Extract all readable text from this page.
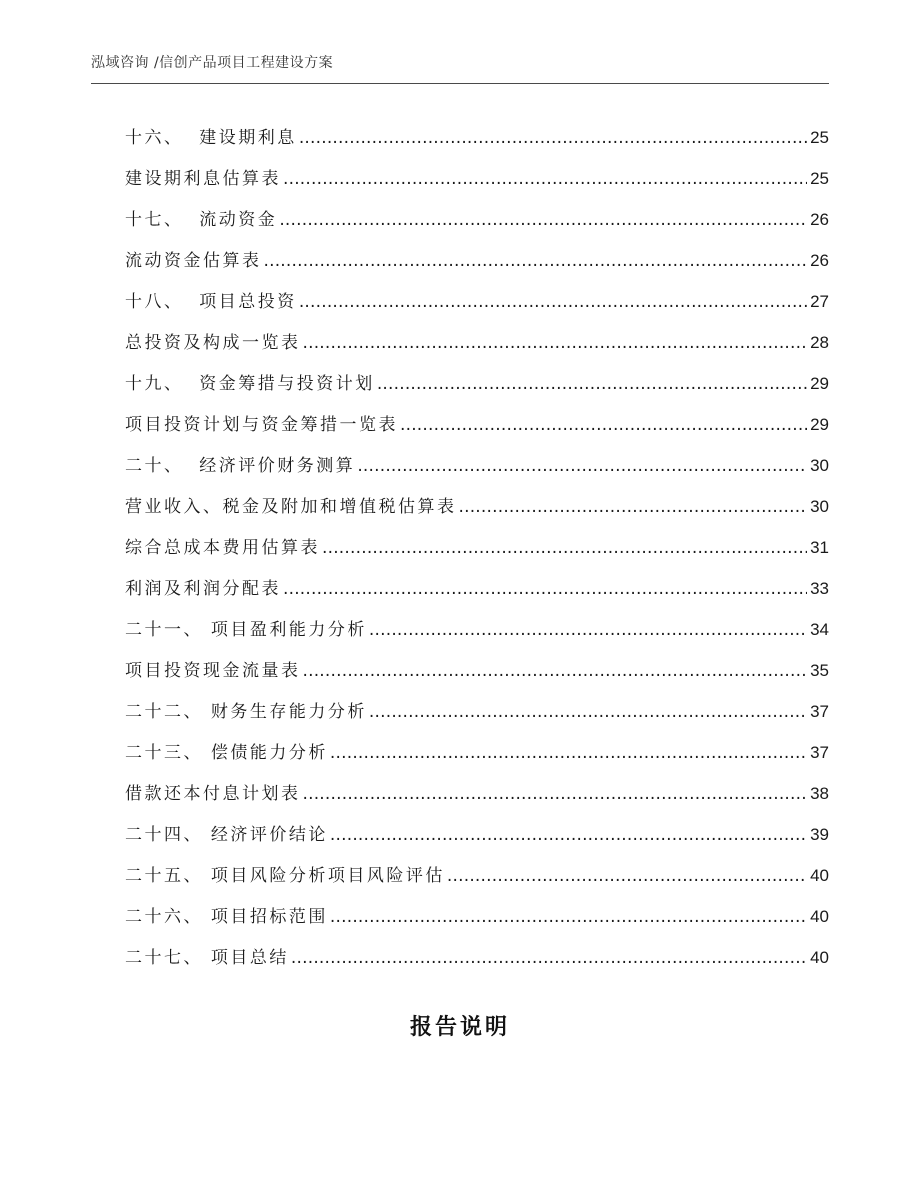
泓域咨询 /信创产品项目工程建设方案
十六、  建设期利息 .....	25
建设期利息估算表 .....	25
十七、  流动资金 .....	26
流动资金估算表 .....	26
十八、  项目总投资 .....	27
总投资及构成一览表 .....	28
十九、  资金筹措与投资计划 .....	29
项目投资计划与资金筹措一览表 .....	29
二十、  经济评价财务测算 .....	30
营业收入、税金及附加和增值税估算表 .....	30
综合总成本费用估算表 .....	31
利润及利润分配表 .....	33
二十一、 项目盈利能力分析 .....	34
项目投资现金流量表 .....	35
二十二、 财务生存能力分析 .....	37
二十三、 偿债能力分析 .....	37
借款还本付息计划表 .....	38
二十四、 经济评价结论 .....	39
二十五、 项目风险分析项目风险评估 .....	40
二十六、 项目招标范围 .....	40
二十七、 项目总结 .....	40
报告说明
